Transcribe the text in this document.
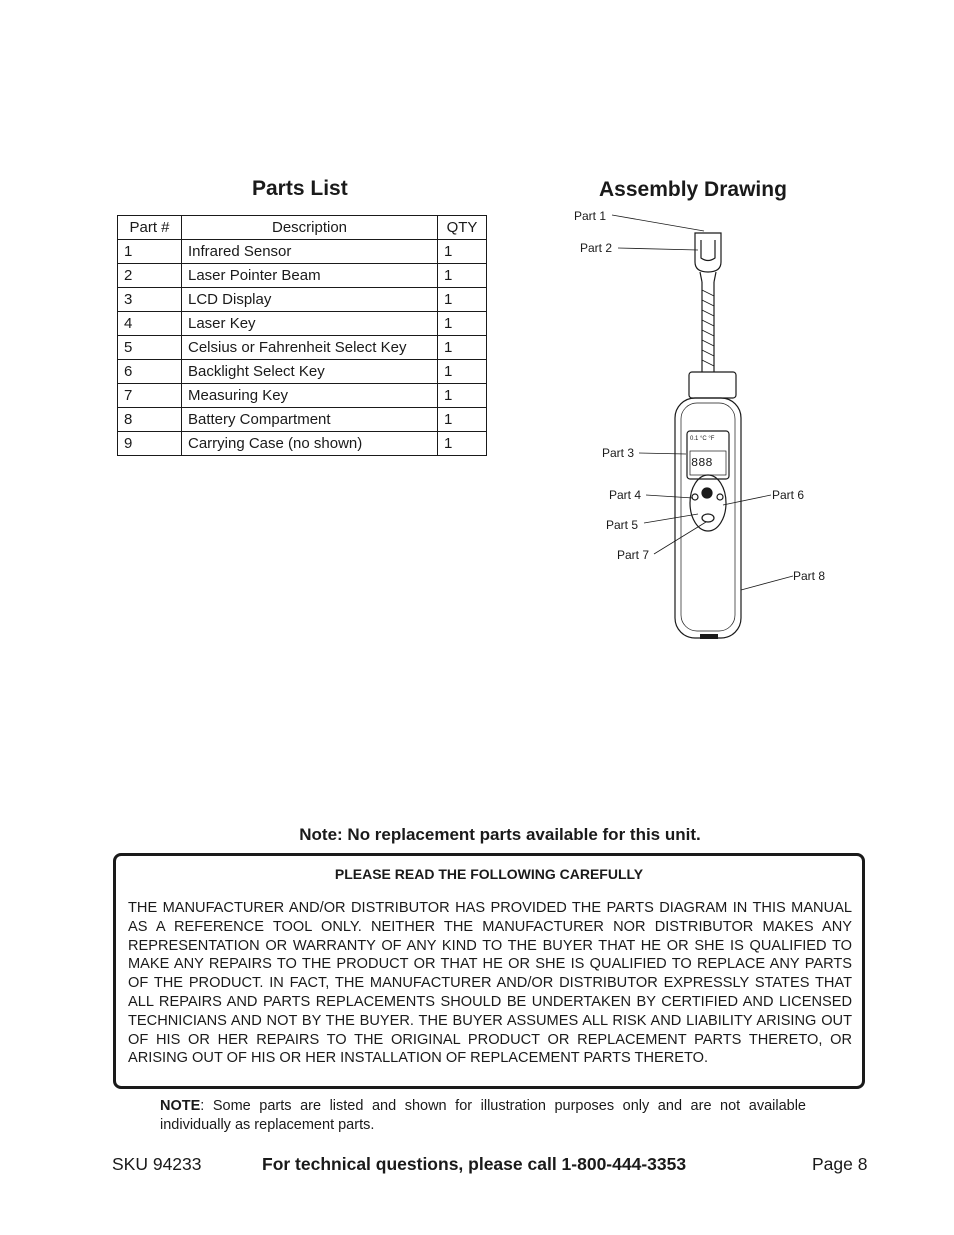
Parts List
Part #	Description	QTY
1	Infrared Sensor	1
2	Laser Pointer Beam	1
3	LCD Display	1
4	Laser Key	1
5	Celsius or Fahrenheit Select Key	1
6	Backlight Select Key	1
7	Measuring Key	1
8	Battery Compartment	1
9	Carrying Case (no shown)	1
Assembly Drawing
0.1 °C °F
888
Part 1
Part 2
Part 3
Part 4
Part 5
Part 6
Part 7
Part 8
Note: No replacement parts available for this unit.
PLEASE READ THE FOLLOWING CAREFULLY
THE MANUFACTURER AND/OR DISTRIBUTOR HAS PROVIDED THE PARTS DIAGRAM IN THIS MANUAL AS A REFERENCE TOOL ONLY. NEITHER THE MANUFACTURER NOR DISTRIBUTOR MAKES ANY REPRESENTATION OR WARRANTY OF ANY KIND TO THE BUYER THAT HE OR SHE IS QUALIFIED TO MAKE ANY REPAIRS TO THE PRODUCT OR THAT HE OR SHE IS QUALIFIED TO REPLACE ANY PARTS OF THE PRODUCT. IN FACT, THE MANUFACTURER AND/OR DISTRIBUTOR EXPRESSLY STATES THAT ALL REPAIRS AND PARTS REPLACEMENTS SHOULD BE UNDERTAKEN BY CERTIFIED AND LICENSED TECHNICIANS AND NOT BY THE BUYER. THE BUYER ASSUMES ALL RISK AND LIABILITY ARISING OUT OF HIS OR HER REPAIRS TO THE ORIGINAL PRODUCT OR REPLACEMENT PARTS THERETO, OR ARISING OUT OF HIS OR HER INSTALLATION OF REPLACEMENT PARTS THERETO.
NOTE: Some parts are listed and shown for illustration purposes only and are not available individually as replacement parts.
SKU 94233	For technical questions, please call 1-800-444-3353	Page 8
